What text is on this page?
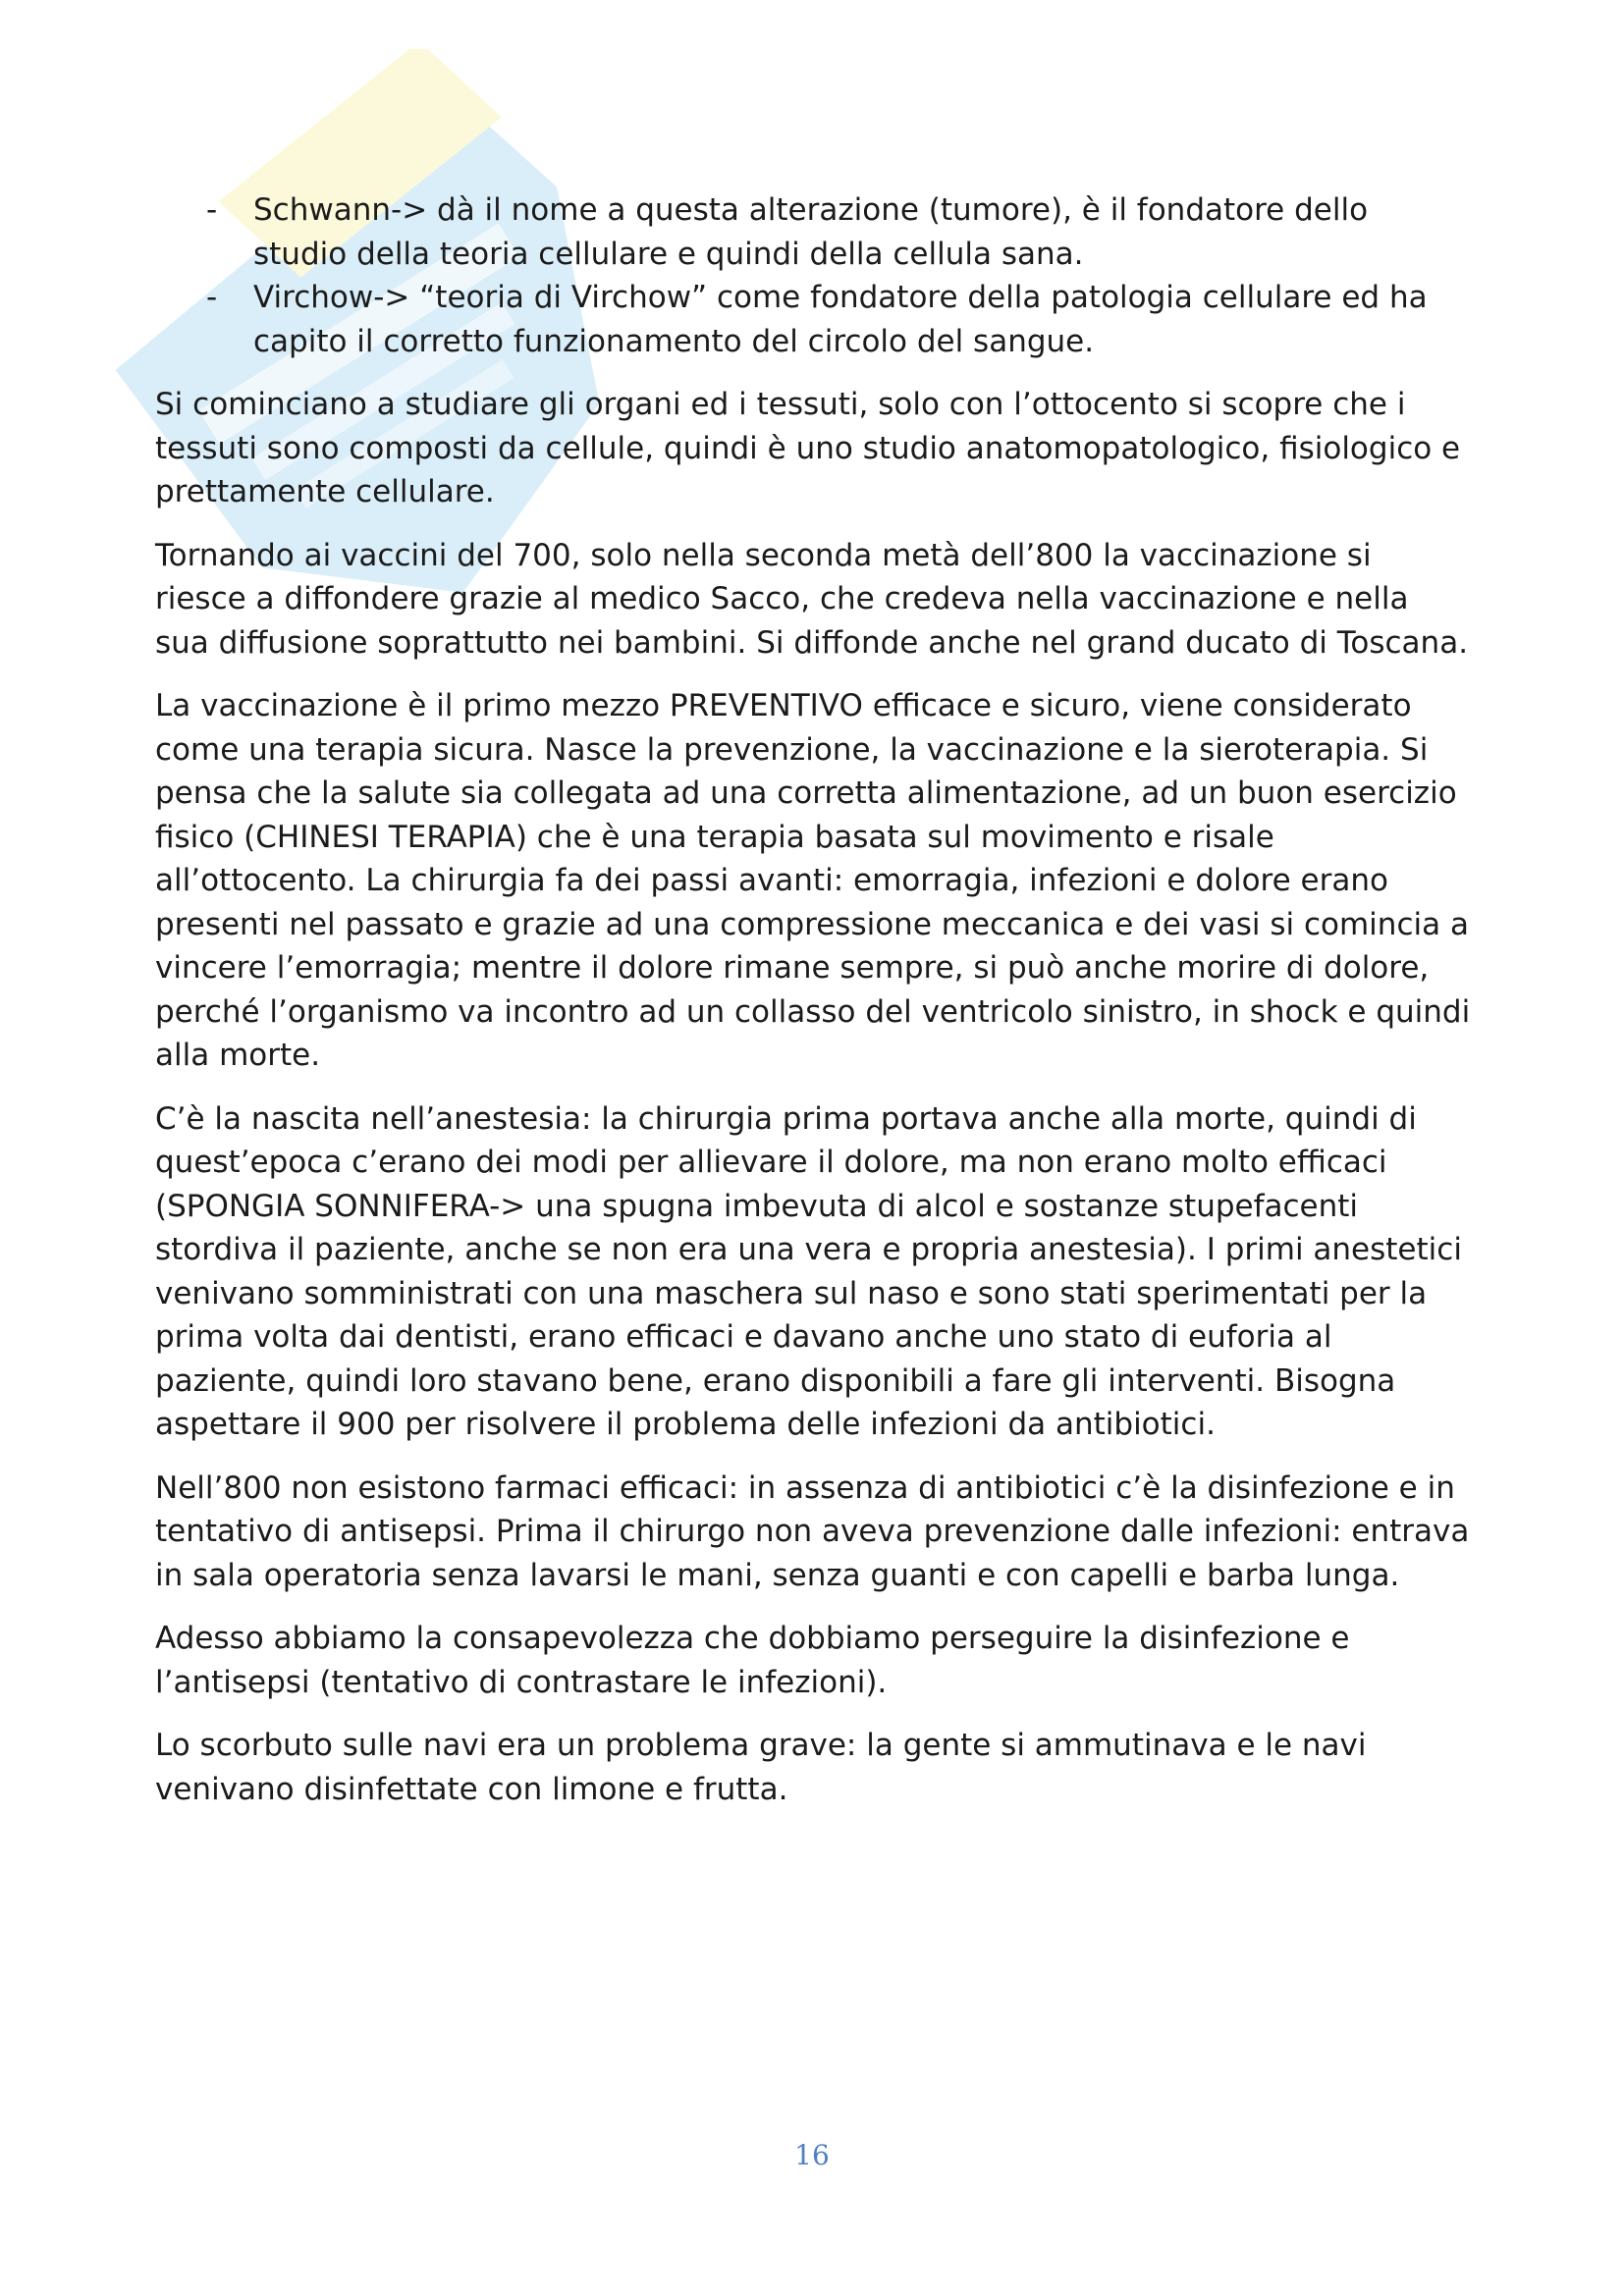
- Schwann-> dà il nome a questa alterazione (tumore), è il fondatore dello studio della teoria cellulare e quindi della cellula sana.
- Virchow-> “teoria di Virchow” come fondatore della patologia cellulare ed ha capito il corretto funzionamento del circolo del sangue.

Si cominciano a studiare gli organi ed i tessuti, solo con l’ottocento si scopre che i tessuti sono composti da cellule, quindi è uno studio anatomopatologico, fisiologico e prettamente cellulare.

Tornando ai vaccini del 700, solo nella seconda metà dell’800 la vaccinazione si riesce a diffondere grazie al medico Sacco, che credeva nella vaccinazione e nella sua diffusione soprattutto nei bambini. Si diffonde anche nel grand ducato di Toscana.

La vaccinazione è il primo mezzo PREVENTIVO efficace e sicuro, viene considerato come una terapia sicura. Nasce la prevenzione, la vaccinazione e la sieroterapia. Si pensa che la salute sia collegata ad una corretta alimentazione, ad un buon esercizio fisico (CHINESI TERAPIA) che è una terapia basata sul movimento e risale all’ottocento. La chirurgia fa dei passi avanti: emorragia, infezioni e dolore erano presenti nel passato e grazie ad una compressione meccanica e dei vasi si comincia a vincere l’emorragia; mentre il dolore rimane sempre, si può anche morire di dolore, perché l’organismo va incontro ad un collasso del ventricolo sinistro, in shock e quindi alla morte.

C’è la nascita nell’anestesia: la chirurgia prima portava anche alla morte, quindi di quest’epoca c’erano dei modi per allievare il dolore, ma non erano molto efficaci (SPONGIA SONNIFERA-> una spugna imbevuta di alcol e sostanze stupefacenti stordiva il paziente, anche se non era una vera e propria anestesia). I primi anestetici venivano somministrati con una maschera sul naso e sono stati sperimentati per la prima volta dai dentisti, erano efficaci e davano anche uno stato di euforia al paziente, quindi loro stavano bene, erano disponibili a fare gli interventi. Bisogna aspettare il 900 per risolvere il problema delle infezioni da antibiotici.

Nell’800 non esistono farmaci efficaci: in assenza di antibiotici c’è la disinfezione e in tentativo di antisepsi. Prima il chirurgo non aveva prevenzione dalle infezioni: entrava in sala operatoria senza lavarsi le mani, senza guanti e con capelli e barba lunga.

Adesso abbiamo la consapevolezza che dobbiamo perseguire la disinfezione e l’antisepsi (tentativo di contrastare le infezioni).

Lo scorbuto sulle navi era un problema grave: la gente si ammutinava e le navi venivano disinfettate con limone e frutta.

16
